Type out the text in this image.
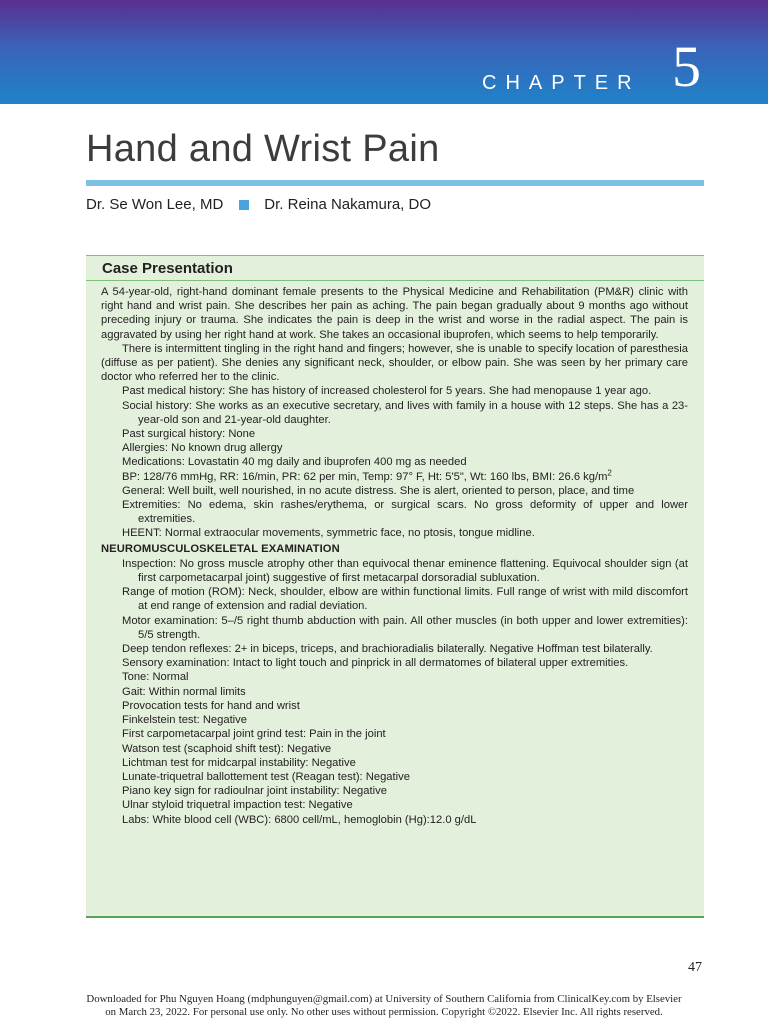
CHAPTER 5
Hand and Wrist Pain
Dr. Se Won Lee, MD	Dr. Reina Nakamura, DO
Case Presentation

A 54-year-old, right-hand dominant female presents to the Physical Medicine and Rehabilitation (PM&R) clinic with right hand and wrist pain. She describes her pain as aching. The pain began gradually about 9 months ago without preceding injury or trauma. She indicates the pain is deep in the wrist and worse in the radial aspect. The pain is aggravated by using her right hand at work. She takes an occasional ibuprofen, which seems to help temporarily.

There is intermittent tingling in the right hand and fingers; however, she is unable to specify location of paresthesia (diffuse as per patient). She denies any significant neck, shoulder, or elbow pain. She was seen by her primary care doctor who referred her to the clinic.

Past medical history: She has history of increased cholesterol for 5 years. She had menopause 1 year ago.
Social history: She works as an executive secretary, and lives with family in a house with 12 steps. She has a 23-year-old son and 21-year-old daughter.
Past surgical history: None
Allergies: No known drug allergy
Medications: Lovastatin 40 mg daily and ibuprofen 400 mg as needed
BP: 128/76 mmHg, RR: 16/min, PR: 62 per min, Temp: 97° F, Ht: 5'5", Wt: 160 lbs, BMI: 26.6 $kg/m^2$
General: Well built, well nourished, in no acute distress. She is alert, oriented to person, place, and time
Extremities: No edema, skin rashes/erythema, or surgical scars. No gross deformity of upper and lower extremities.
HEENT: Normal extraocular movements, symmetric face, no ptosis, tongue midline.
NEUROMUSCULOSKELETAL EXAMINATION
Inspection: No gross muscle atrophy other than equivocal thenar eminence flattening. Equivocal shoulder sign (at first carpometacarpal joint) suggestive of first metacarpal dorsoradial subluxation.
Range of motion (ROM): Neck, shoulder, elbow are within functional limits. Full range of wrist with mild discomfort at end range of extension and radial deviation.
Motor examination: 5–/5 right thumb abduction with pain. All other muscles (in both upper and lower extremities): 5/5 strength.
Deep tendon reflexes: 2+ in biceps, triceps, and brachioradialis bilaterally. Negative Hoffman test bilaterally.
Sensory examination: Intact to light touch and pinprick in all dermatomes of bilateral upper extremities.
Tone: Normal
Gait: Within normal limits
Provocation tests for hand and wrist
Finkelstein test: Negative
First carpometacarpal joint grind test: Pain in the joint
Watson test (scaphoid shift test): Negative
Lichtman test for midcarpal instability: Negative
Lunate-triquetral ballottement test (Reagan test): Negative
Piano key sign for radioulnar joint instability: Negative
Ulnar styloid triquetral impaction test: Negative
Labs: White blood cell (WBC): 6800 cell/mL, hemoglobin (Hg):12.0 g/dL
47
Downloaded for Phu Nguyen Hoang (mdphunguyen@gmail.com) at University of Southern California from ClinicalKey.com by Elsevier
on March 23, 2022. For personal use only. No other uses without permission. Copyright ©2022. Elsevier Inc. All rights reserved.
